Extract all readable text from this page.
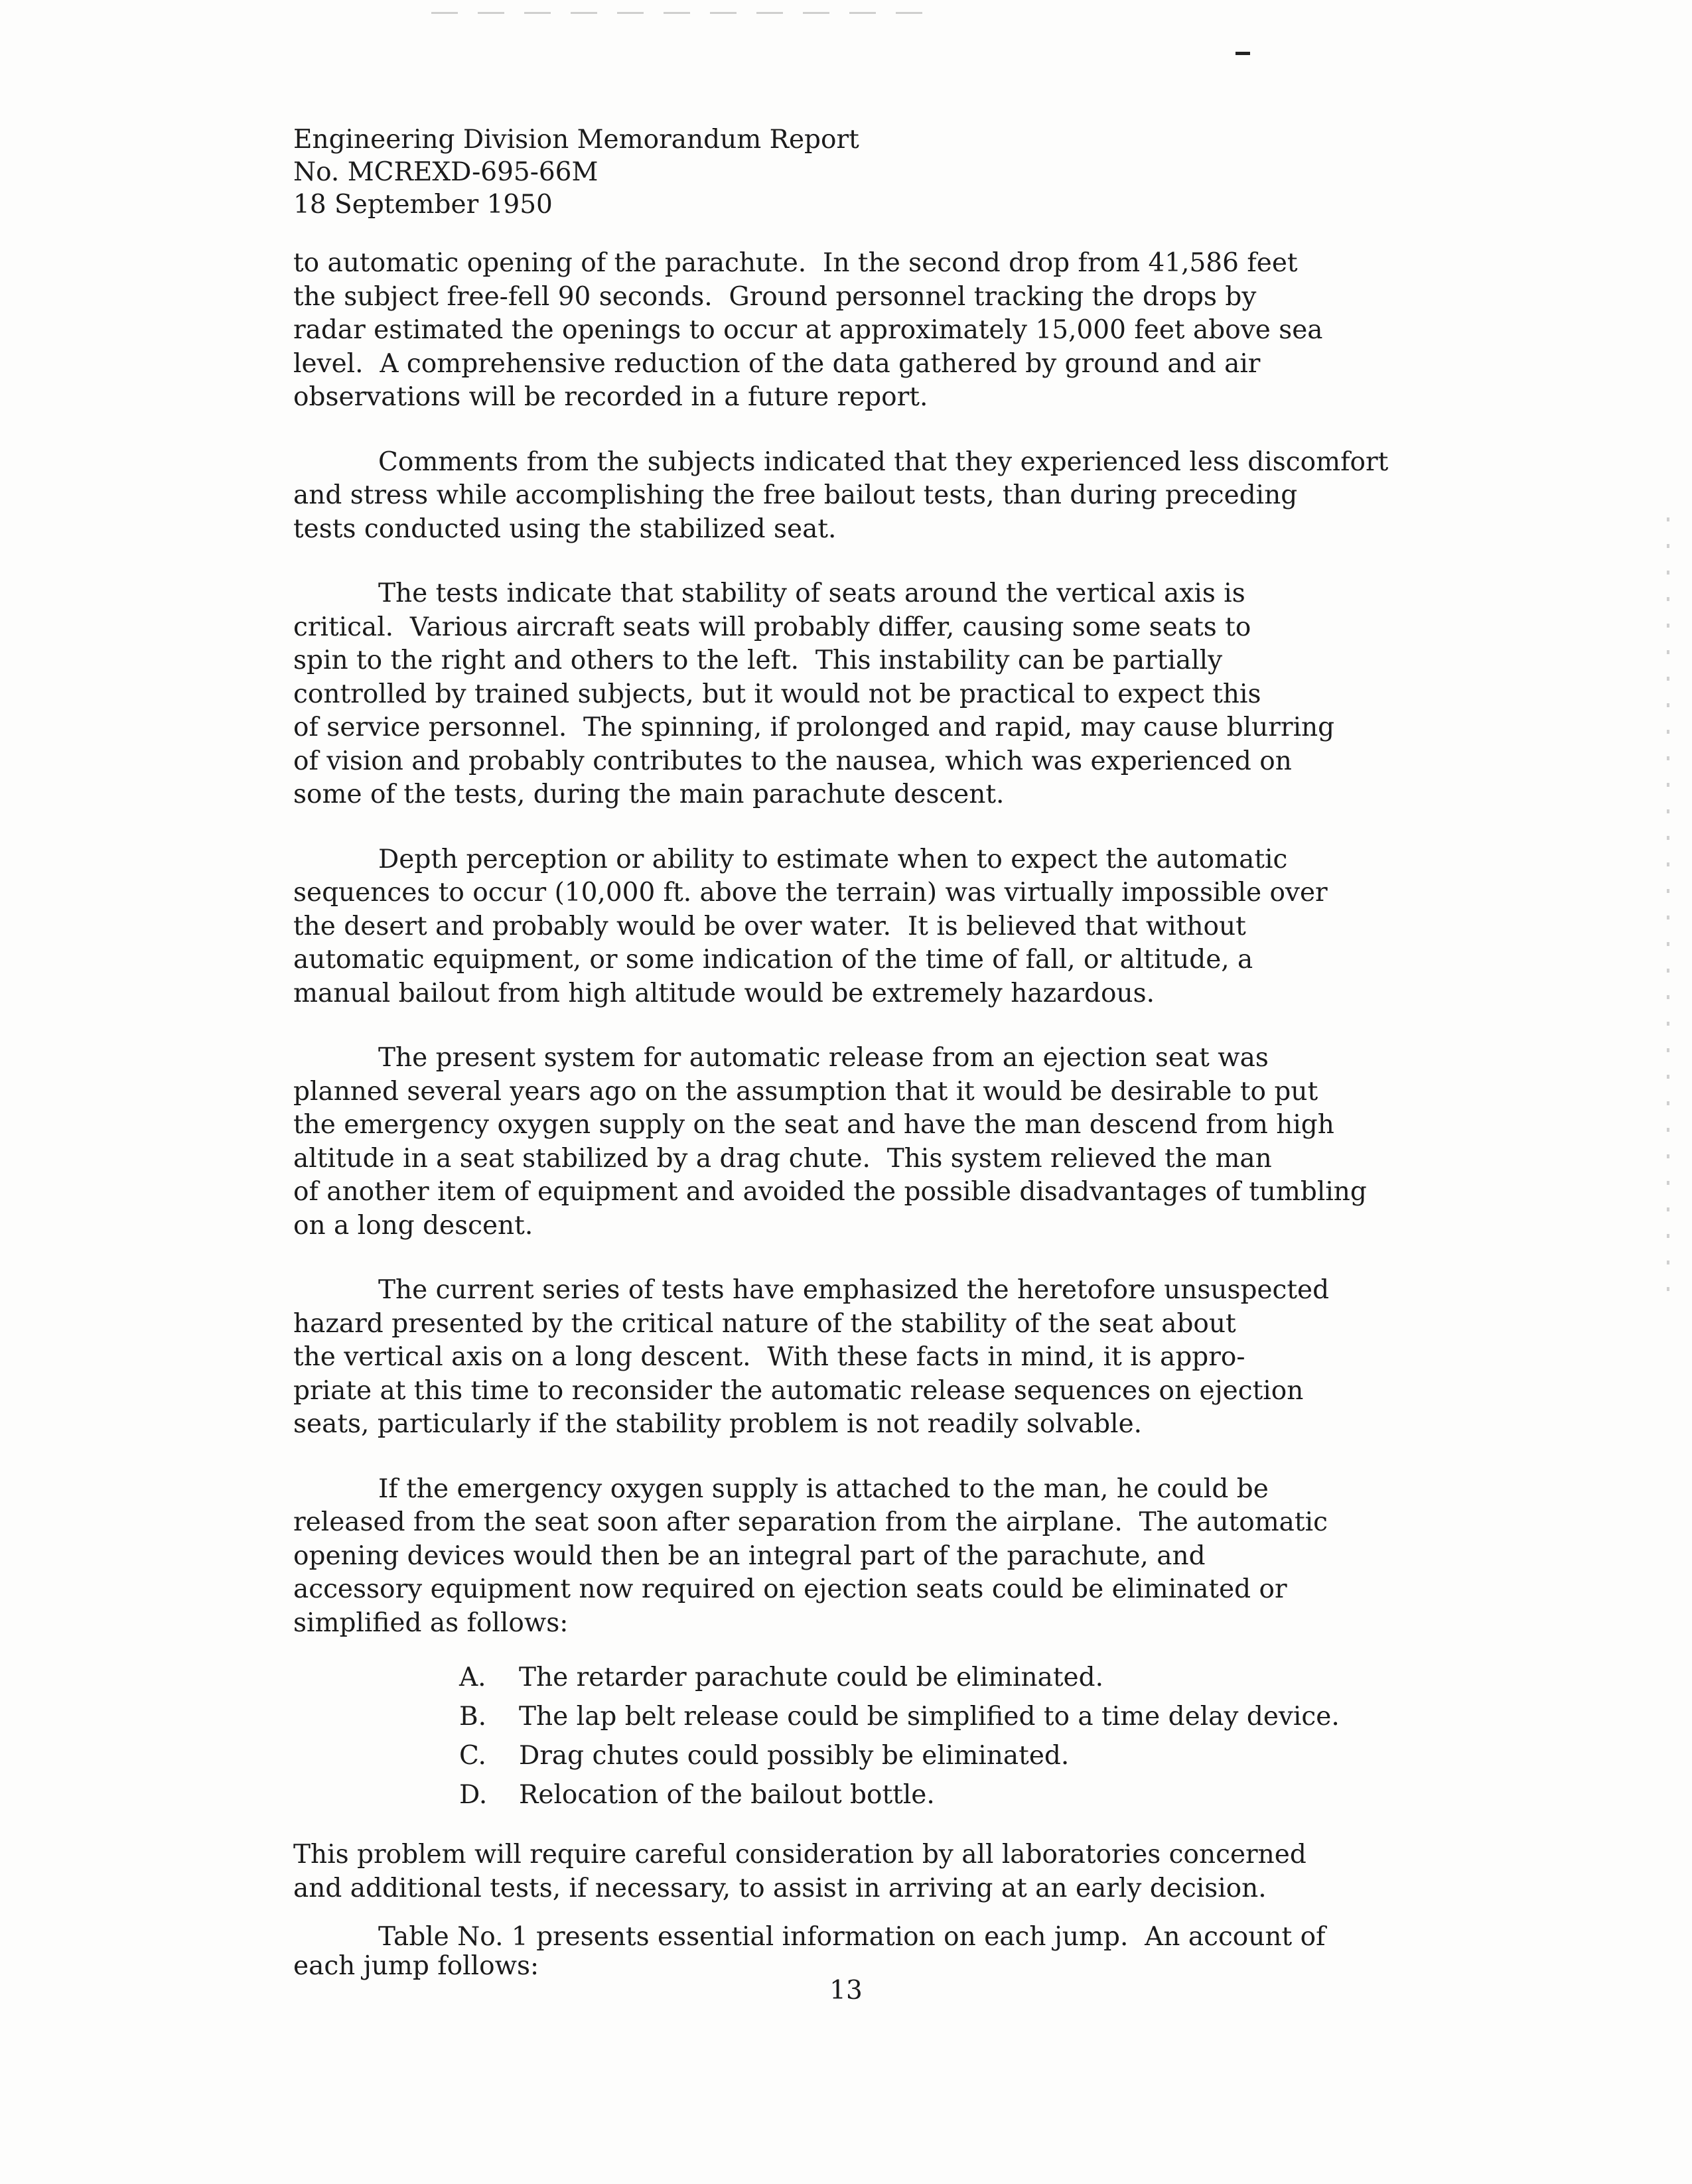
Engineering Division Memorandum Report
No. MCREXD-695-66M
18 September 1950

to automatic opening of the parachute.  In the second drop from 41,586 feet
the subject free-fell 90 seconds.  Ground personnel tracking the drops by
radar estimated the openings to occur at approximately 15,000 feet above sea
level.  A comprehensive reduction of the data gathered by ground and air
observations will be recorded in a future report.

Comments from the subjects indicated that they experienced less discomfort
and stress while accomplishing the free bailout tests, than during preceding
tests conducted using the stabilized seat.

The tests indicate that stability of seats around the vertical axis is
critical.  Various aircraft seats will probably differ, causing some seats to
spin to the right and others to the left.  This instability can be partially
controlled by trained subjects, but it would not be practical to expect this
of service personnel.  The spinning, if prolonged and rapid, may cause blurring
of vision and probably contributes to the nausea, which was experienced on
some of the tests, during the main parachute descent.

Depth perception or ability to estimate when to expect the automatic
sequences to occur (10,000 ft. above the terrain) was virtually impossible over
the desert and probably would be over water.  It is believed that without
automatic equipment, or some indication of the time of fall, or altitude, a
manual bailout from high altitude would be extremely hazardous.

The present system for automatic release from an ejection seat was
planned several years ago on the assumption that it would be desirable to put
the emergency oxygen supply on the seat and have the man descend from high
altitude in a seat stabilized by a drag chute.  This system relieved the man
of another item of equipment and avoided the possible disadvantages of tumbling
on a long descent.

The current series of tests have emphasized the heretofore unsuspected
hazard presented by the critical nature of the stability of the seat about
the vertical axis on a long descent.  With these facts in mind, it is appro-
priate at this time to reconsider the automatic release sequences on ejection
seats, particularly if the stability problem is not readily solvable.

If the emergency oxygen supply is attached to the man, he could be
released from the seat soon after separation from the airplane.  The automatic
opening devices would then be an integral part of the parachute, and
accessory equipment now required on ejection seats could be eliminated or
simplified as follows:

A.	The retarder parachute could be eliminated.
B.	The lap belt release could be simplified to a time delay device.
C.	Drag chutes could possibly be eliminated.
D.	Relocation of the bailout bottle.

This problem will require careful consideration by all laboratories concerned
and additional tests, if necessary, to assist in arriving at an early decision.

Table No. 1 presents essential information on each jump.  An account of
each jump follows:

13
